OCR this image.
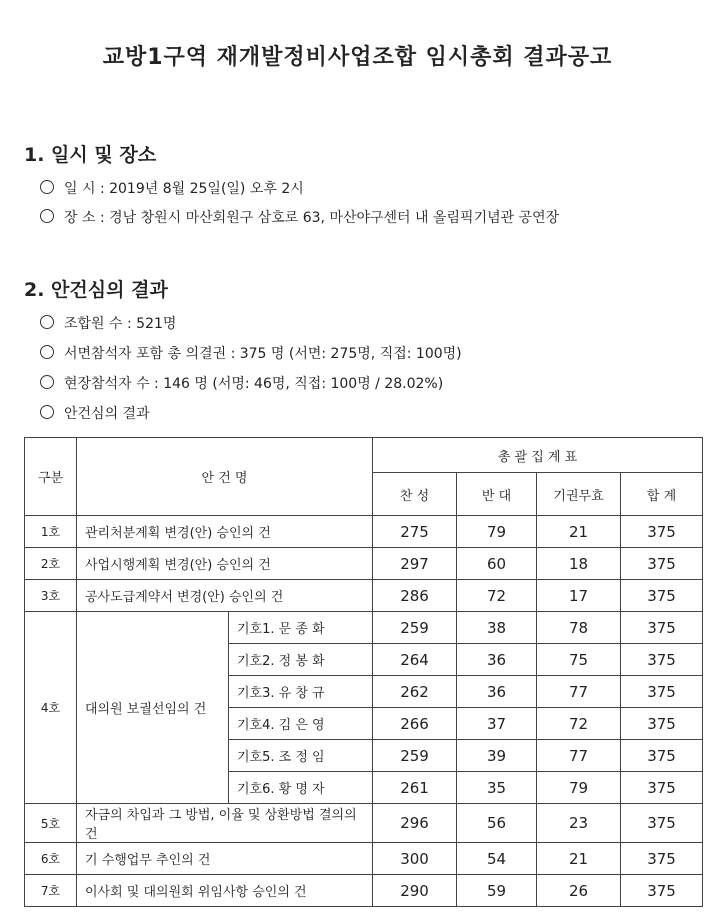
교방1구역 재개발정비사업조합 임시총회 결과공고
1. 일시 및 장소
일 시 : 2019년 8월 25일(일) 오후 2시
장 소 : 경남 창원시 마산회원구 삼호로 63, 마산야구센터 내 올림픽기념관 공연장
2. 안건심의 결과
조합원 수 : 521명
서면참석자 포함 총 의결권 : 375 명 (서면: 275명, 직접: 100명)
현장참석자 수 : 146 명 (서명: 46명, 직접: 100명 / 28.02%)
안건심의 결과
구분	안 건 명		총 괄 집 계 표			
			찬 성	반 대	기권무효	합 계
1호	관리처분계획 변경(안) 승인의 건		275	79	21	375
2호	사업시행계획 변경(안) 승인의 건		297	60	18	375
3호	공사도급계약서 변경(안) 승인의 건		286	72	17	375
4호	대의원 보궐선임의 건	기호1. 문 종 화	259	38	78	375
		기호2. 정 봉 화	264	36	75	375
		기호3. 유 창 규	262	36	77	375
		기호4. 김 은 영	266	37	72	375
		기호5. 조 정 임	259	39	77	375
		기호6. 황 명 자	261	35	79	375
5호	자금의 차입과 그 방법, 이율 및 상환방법 결의의 건		296	56	23	375
6호	기 수행업무 추인의 건		300	54	21	375
7호	이사회 및 대의원회 위임사항 승인의 건		290	59	26	375
